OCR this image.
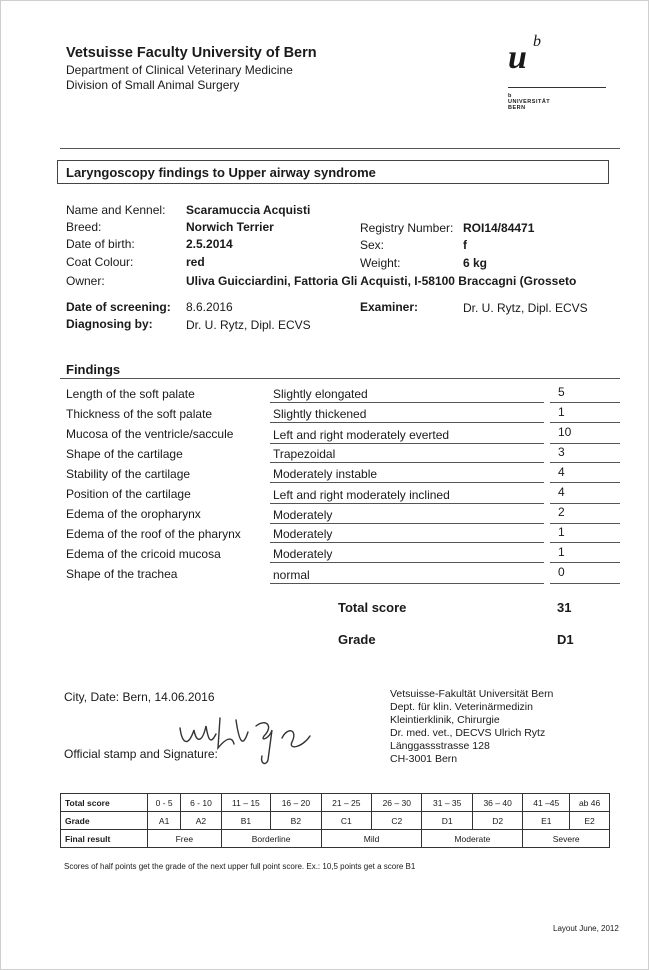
Vetsuisse Faculty University of Bern
Department of Clinical Veterinary Medicine
Division of Small Animal Surgery
u b
b
UNIVERSITÄT
BERN
Laryngoscopy findings to Upper airway syndrome
Name and Kennel: Scaramuccia Acquisti
Breed:	Norwich Terrier	Registry Number: ROI14/84471
Date of birth:	2.5.2014	Sex:	f
Coat Colour:	red	Weight:	6 kg
Owner:	Uliva Guicciardini, Fattoria Gli Acquisti, I-58100 Braccagni (Grosseto
Date of screening: 8.6.2016	Examiner:	Dr. U. Rytz, Dipl. ECVS
Diagnosing by:	Dr. U. Rytz, Dipl. ECVS
Findings
Length of the soft palate	Slightly elongated	5
Thickness of the soft palate	Slightly thickened	1
Mucosa of the ventricle/saccule	Left and right moderately everted	10
Shape of the cartilage	Trapezoidal	3
Stability of the cartilage	Moderately instable	4
Position of the cartilage	Left and right moderately inclined	4
Edema of the oropharynx	Moderately	2
Edema of the roof of the pharynx	Moderately	1
Edema of the cricoid mucosa	Moderately	1
Shape of the trachea	normal	0
Total score	31
Grade	D1
City, Date: Bern, 14.06.2016
Official stamp and Signature:
Vetsuisse-Fakultät Universität Bern
Dept. für klin. Veterinärmedizin
Kleintierklinik, Chirurgie
Dr. med. vet., DECVS Ulrich Rytz
Länggassstrasse 128
CH-3001 Bern
Total score	0 - 5	6 - 10	11 – 15	16 – 20	21 – 25	26 – 30	31 – 35	36 – 40	41 –45	ab 46
Grade	A1	A2	B1	B2	C1	C2	D1	D2	E1	E2
Final result	Free		Borderline		Mild		Moderate		Severe	
Scores of half points get the grade of the next upper full point score. Ex.: 10,5 points get a score B1
Layout June, 2012
